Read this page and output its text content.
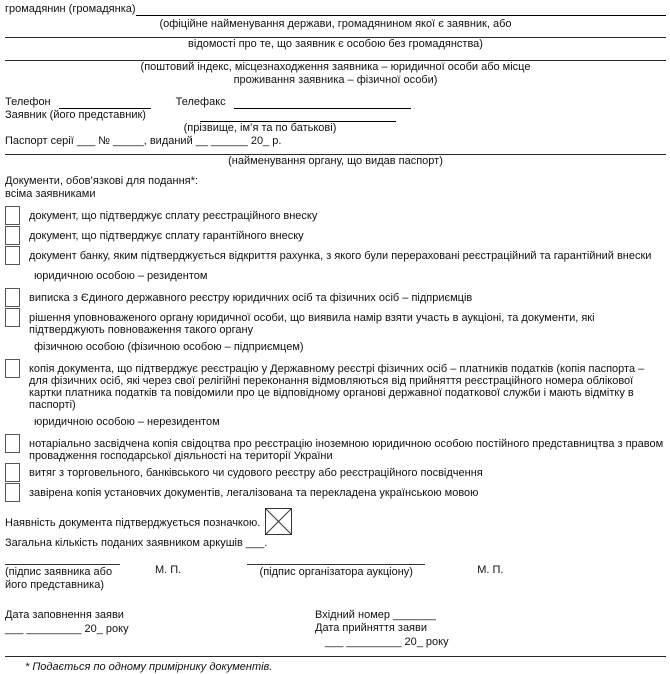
громадянин (громадянка)
(офіційне найменування держави, громадянином якої є заявник, або
відомості про те, що заявник є особою без громадянства)
(поштовий індекс, місцезнаходження заявника – юридичної особи або місце
проживання заявника – фізичної особи)
Телефон	Телефакс
Заявник (його представник)
(прізвище, ім’я та по батькові)
Паспорт серії ___ № _____, виданий __ ______ 20_ р.
(найменування органу, що видав паспорт)
Документи, обов’язкові для подання*:
всіма заявниками
документ, що підтверджує сплату реєстраційного внеску
документ, що підтверджує сплату гарантійного внеску
документ банку, яким підтверджується відкриття рахунка, з якого були перераховані реєстраційний та гарантійний внески
юридичною особою – резидентом
виписка з Єдиного державного реєстру юридичних осіб та фізичних осіб – підприємців
рішення уповноваженого органу юридичної особи, що виявила намір взяти участь в аукціоні, та документи, які підтверджують повноваження такого органу
фізичною особою (фізичною особою – підприємцем)
копія документа, що підтверджує реєстрацію у Державному реєстрі фізичних осіб – платників податків (копія паспорта – для фізичних осіб, які через свої релігійні переконання відмовляються від прийняття реєстраційного номера облікової картки платника податків та повідомили про це відповідному органові державної податкової служби і мають відмітку в паспорті)
юридичною особою – нерезидентом
нотаріально засвідчена копія свідоцтва про реєстрацію іноземною юридичною особою постійного представництва з правом провадження господарської діяльності на території України
витяг з торговельного, банківського чи судового реєстру або реєстраційного посвідчення
завірена копія установчих документів, легалізована та перекладена українською мовою
Наявність документа підтверджується позначкою.
Загальна кількість поданих заявником аркушів ___.
(підпис заявника або
його представника)
М. П.	(підпис організатора аукціону)	М. П.
Дата заповнення заяви
___ _________ 20_ року
Вхідний номер _______
Дата прийняття заяви
___ _________ 20_ року
* Подається по одному примірнику документів.
